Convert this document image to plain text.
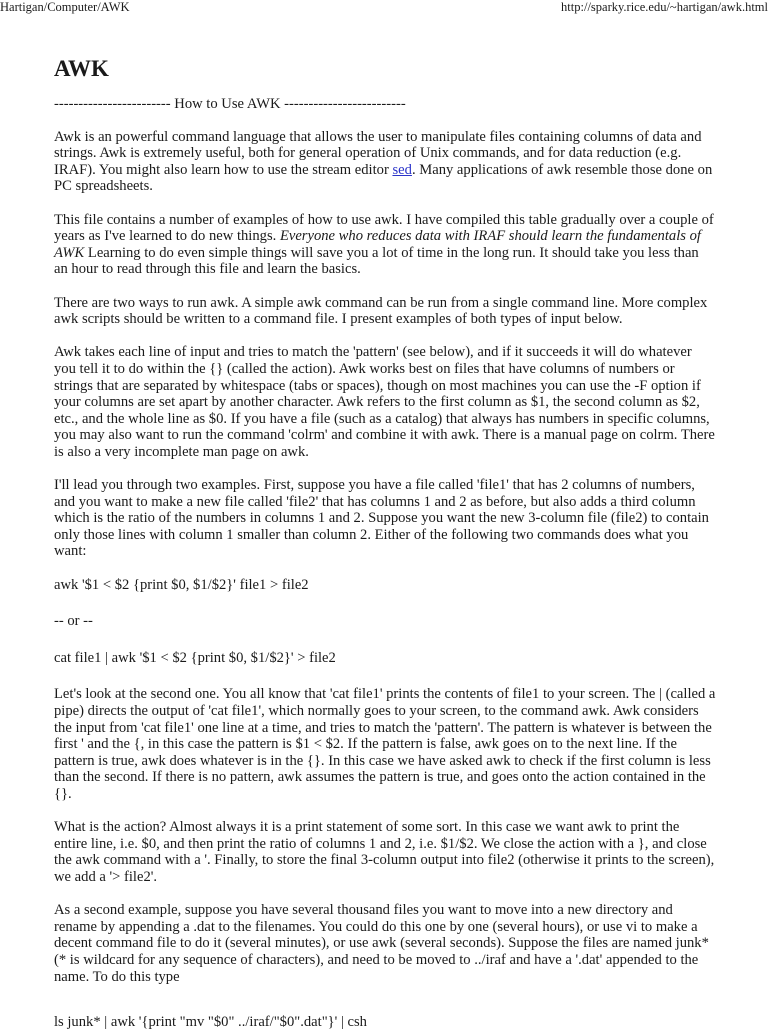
Hartigan/Computer/AWK	http://sparky.rice.edu/~hartigan/awk.html
AWK
------------------------ How to Use AWK -------------------------

Awk is an powerful command language that allows the user to manipulate files containing columns of data and strings. Awk is extremely useful, both for general operation of Unix commands, and for data reduction (e.g. IRAF). You might also learn how to use the stream editor sed. Many applications of awk resemble those done on PC spreadsheets.

This file contains a number of examples of how to use awk. I have compiled this table gradually over a couple of years as I've learned to do new things. Everyone who reduces data with IRAF should learn the fundamentals of AWK Learning to do even simple things will save you a lot of time in the long run. It should take you less than an hour to read through this file and learn the basics.

There are two ways to run awk. A simple awk command can be run from a single command line. More complex awk scripts should be written to a command file. I present examples of both types of input below.

Awk takes each line of input and tries to match the 'pattern' (see below), and if it succeeds it will do whatever you tell it to do within the {} (called the action). Awk works best on files that have columns of numbers or strings that are separated by whitespace (tabs or spaces), though on most machines you can use the -F option if your columns are set apart by another character. Awk refers to the first column as $1, the second column as $2, etc., and the whole line as $0. If you have a file (such as a catalog) that always has numbers in specific columns, you may also want to run the command 'colrm' and combine it with awk. There is a manual page on colrm. There is also a very incomplete man page on awk.

I'll lead you through two examples. First, suppose you have a file called 'file1' that has 2 columns of numbers, and you want to make a new file called 'file2' that has columns 1 and 2 as before, but also adds a third column which is the ratio of the numbers in columns 1 and 2. Suppose you want the new 3-column file (file2) to contain only those lines with column 1 smaller than column 2. Either of the following two commands does what you want:

awk '$1 < $2 {print $0, $1/$2}' file1 > file2

-- or --

cat file1 | awk '$1 < $2 {print $0, $1/$2}' > file2

Let's look at the second one. You all know that 'cat file1' prints the contents of file1 to your screen. The | (called a pipe) directs the output of 'cat file1', which normally goes to your screen, to the command awk. Awk considers the input from 'cat file1' one line at a time, and tries to match the 'pattern'. The pattern is whatever is between the first ' and the {, in this case the pattern is $1 < $2. If the pattern is false, awk goes on to the next line. If the pattern is true, awk does whatever is in the {}. In this case we have asked awk to check if the first column is less than the second. If there is no pattern, awk assumes the pattern is true, and goes onto the action contained in the {}.

What is the action? Almost always it is a print statement of some sort. In this case we want awk to print the entire line, i.e. $0, and then print the ratio of columns 1 and 2, i.e. $1/$2. We close the action with a }, and close the awk command with a '. Finally, to store the final 3-column output into file2 (otherwise it prints to the screen), we add a '> file2'.

As a second example, suppose you have several thousand files you want to move into a new directory and rename by appending a .dat to the filenames. You could do this one by one (several hours), or use vi to make a decent command file to do it (several minutes), or use awk (several seconds). Suppose the files are named junk* (* is wildcard for any sequence of characters), and need to be moved to ../iraf and have a '.dat' appended to the name. To do this type

ls junk* | awk '{print "mv "$0" ../iraf/"$0".dat"}' | csh
